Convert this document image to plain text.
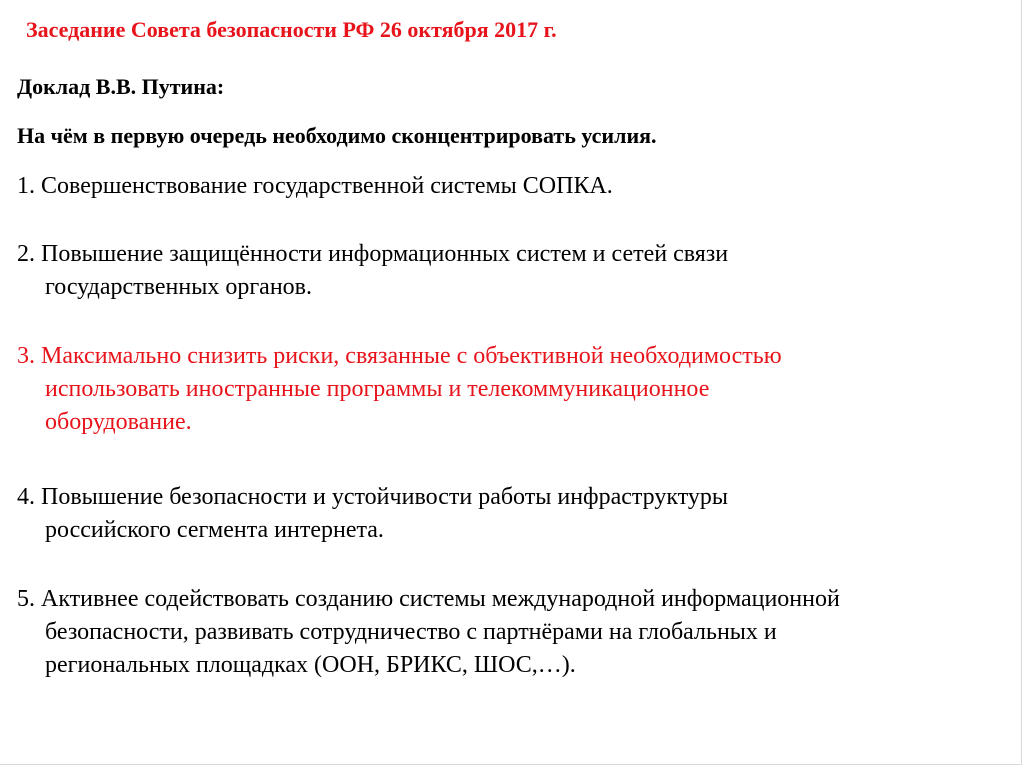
Заседание Совета безопасности РФ 26 октября 2017 г.
Доклад В.В. Путина:
На чём в первую очередь необходимо сконцентрировать усилия.
1. Совершенствование государственной системы СОПКА.
2. Повышение защищённости информационных систем и сетей связи
государственных органов.
3. Максимально снизить риски, связанные с объективной необходимостью
использовать иностранные программы и телекоммуникационное
оборудование.
4. Повышение безопасности и устойчивости работы инфраструктуры
российского сегмента интернета.
5. Активнее содействовать созданию системы международной информационной
безопасности, развивать сотрудничество с партнёрами на глобальных и
региональных площадках (ООН, БРИКС, ШОС,…).
